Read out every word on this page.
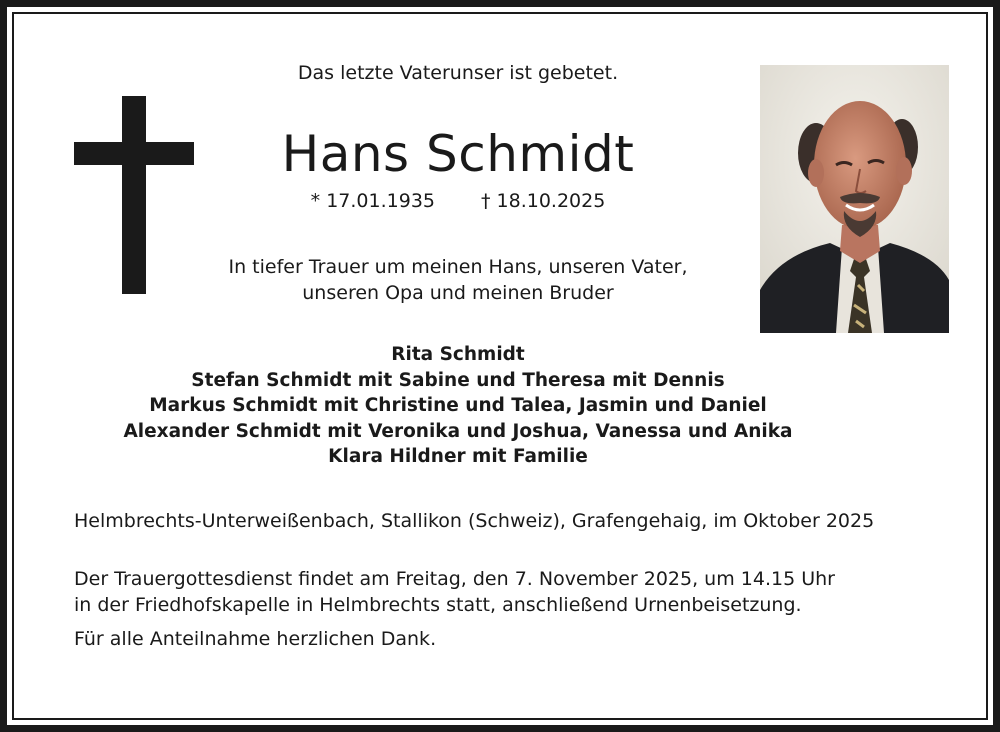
Das letzte Vaterunser ist gebetet.
Hans Schmidt
* 17.01.1935 † 18.10.2025
In tiefer Trauer um meinen Hans, unseren Vater,
unseren Opa und meinen Bruder
Rita Schmidt
Stefan Schmidt mit Sabine und Theresa mit Dennis
Markus Schmidt mit Christine und Talea, Jasmin und Daniel
Alexander Schmidt mit Veronika und Joshua, Vanessa und Anika
Klara Hildner mit Familie
Helmbrechts-Unterweißenbach, Stallikon (Schweiz), Grafengehaig, im Oktober 2025
Der Trauergottesdienst findet am Freitag, den 7. November 2025, um 14.15 Uhr
in der Friedhofskapelle in Helmbrechts statt, anschließend Urnenbeisetzung.
Für alle Anteilnahme herzlichen Dank.
